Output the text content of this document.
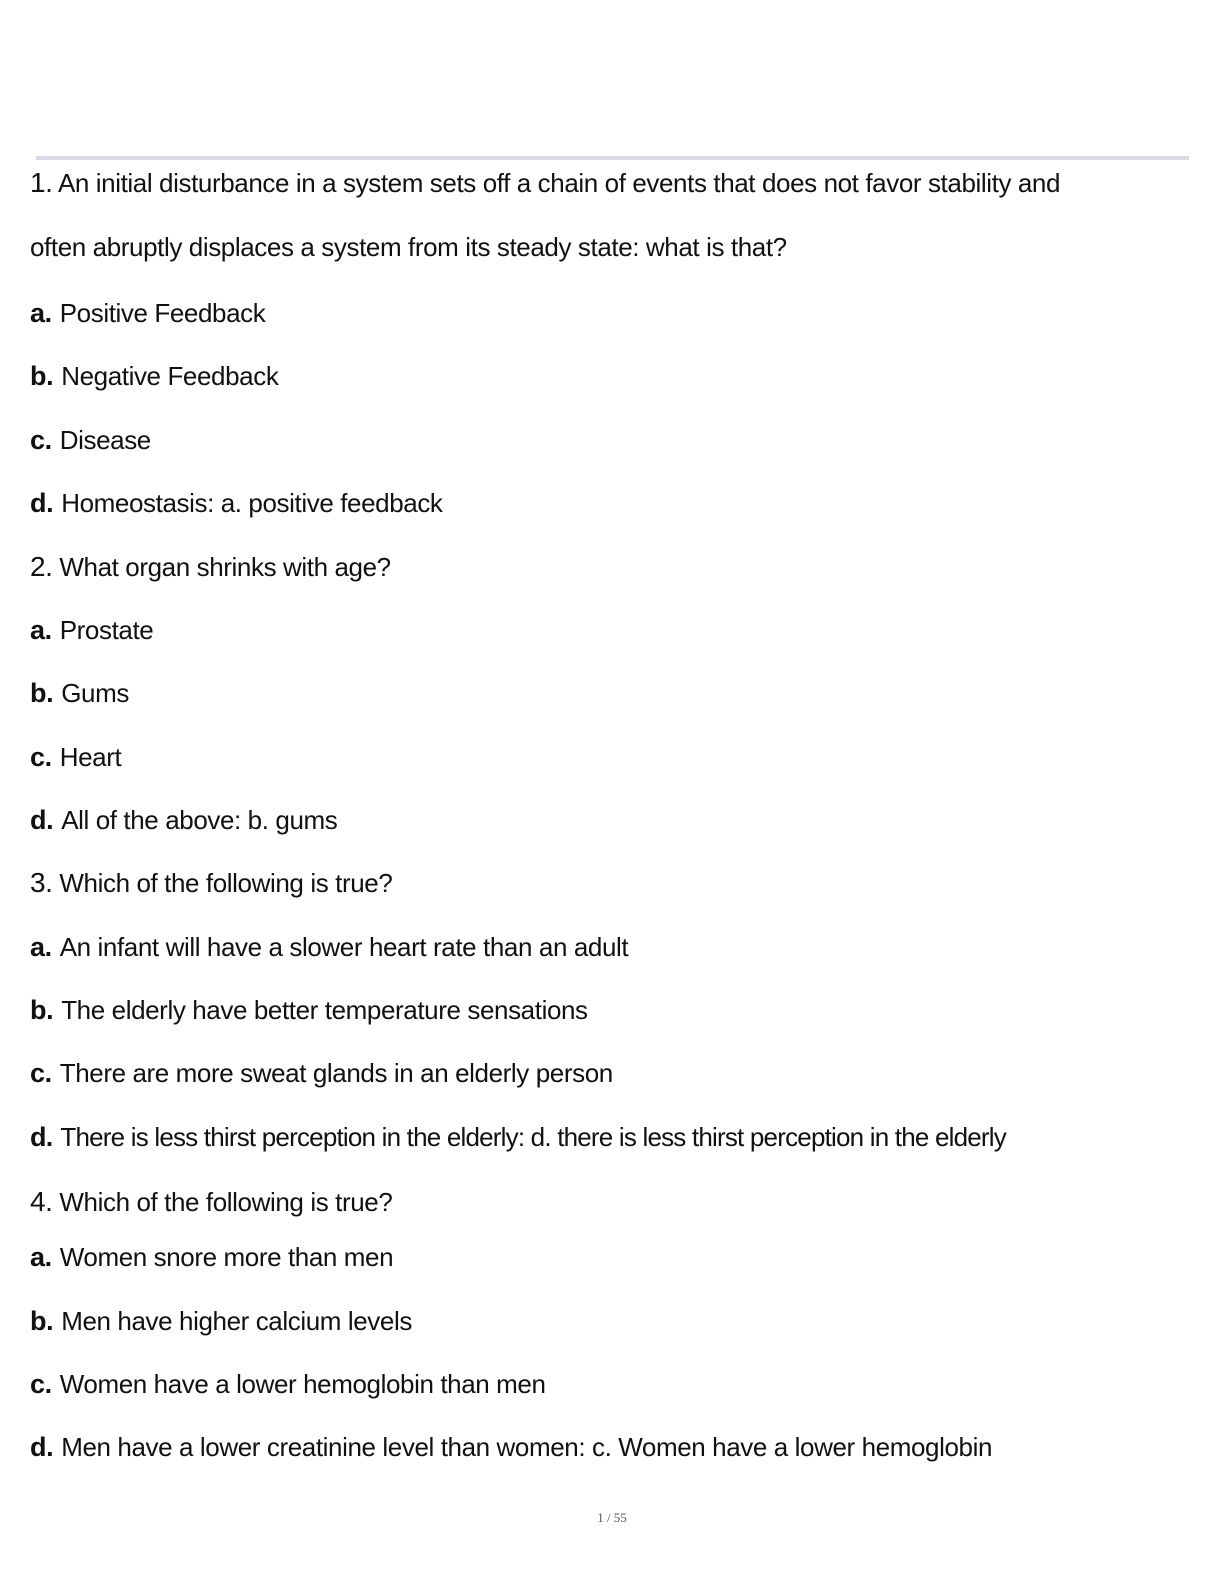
1. An initial disturbance in a system sets off a chain of events that does not favor stability and
often abruptly displaces a system from its steady state: what is that?
a. Positive Feedback
b. Negative Feedback
c. Disease
d. Homeostasis: a. positive feedback
2. What organ shrinks with age?
a. Prostate
b. Gums
c. Heart
d. All of the above: b. gums
3. Which of the following is true?
a. An infant will have a slower heart rate than an adult
b. The elderly have better temperature sensations
c. There are more sweat glands in an elderly person
d. There is less thirst perception in the elderly: d. there is less thirst perception in the elderly
4. Which of the following is true?
a. Women snore more than men
b. Men have higher calcium levels
c. Women have a lower hemoglobin than men
d. Men have a lower creatinine level than women: c. Women have a lower hemoglobin
1 / 55
